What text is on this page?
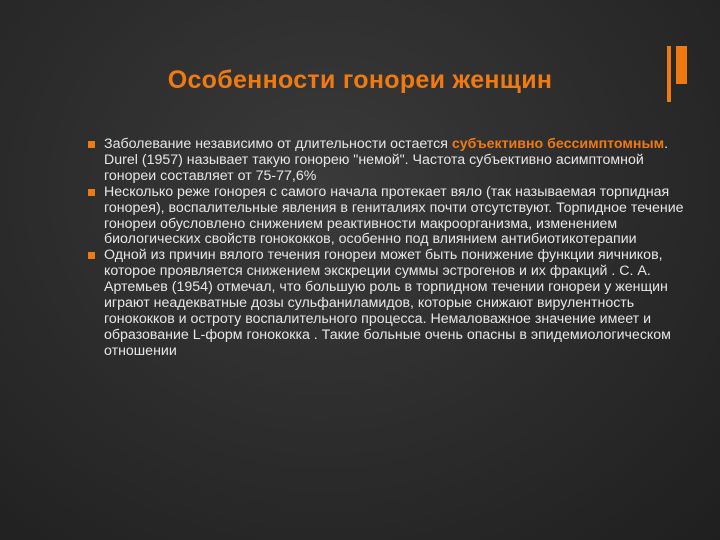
Особенности гонореи женщин

Заболевание независимо от длительности остается субъективно бессимптомным. Durel (1957) называет такую гонорею "немой". Частота субъективно асимптомной гонореи составляет от 75-77,6%

Несколько реже гонорея с самого начала протекает вяло (так называемая торпидная гонорея), воспалительные явления в гениталиях почти отсутствуют. Торпидное течение гонореи обусловлено снижением реактивности макроорганизма, изменением биологических свойств гонококков, особенно под влиянием антибиотикотерапии

Одной из причин вялого течения гонореи может быть понижение функции яичников, которое проявляется снижением экскреции суммы эстрогенов и их фракций . С. А. Артемьев (1954) отмечал, что большую роль в торпидном течении гонореи у женщин играют неадекватные дозы сульфаниламидов, которые снижают вирулентность гонококков и остроту воспалительного процесса. Немаловажное значение имеет и образование L-форм гонококка . Такие больные очень опасны в эпидемиологическом отношении
